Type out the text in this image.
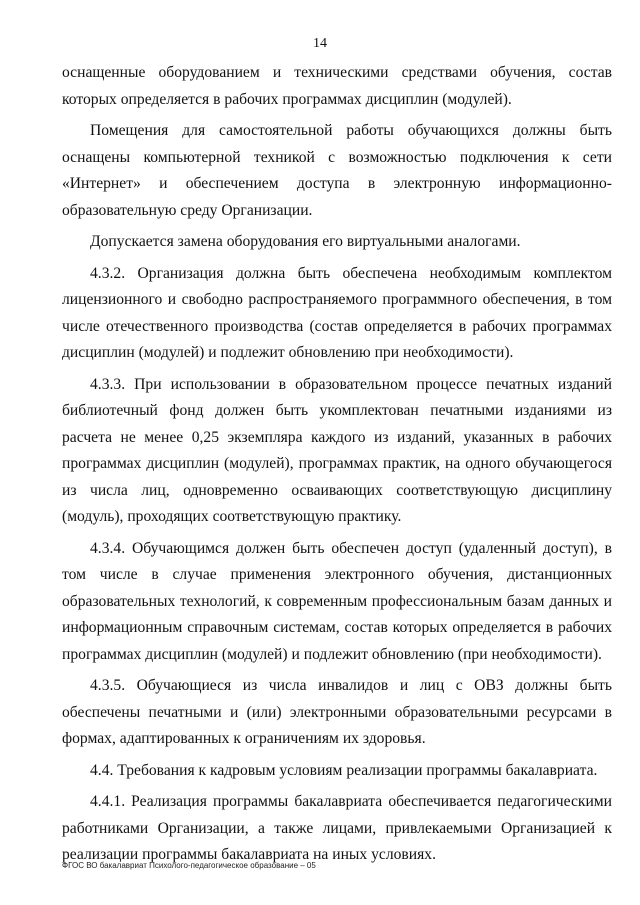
14

оснащенные оборудованием и техническими средствами обучения, состав которых определяется в рабочих программах дисциплин (модулей).

Помещения для самостоятельной работы обучающихся должны быть оснащены компьютерной техникой с возможностью подключения к сети «Интернет» и обеспечением доступа в электронную информационно-образовательную среду Организации.

Допускается замена оборудования его виртуальными аналогами.

4.3.2. Организация должна быть обеспечена необходимым комплектом лицензионного и свободно распространяемого программного обеспечения, в том числе отечественного производства (состав определяется в рабочих программах дисциплин (модулей) и подлежит обновлению при необходимости).

4.3.3. При использовании в образовательном процессе печатных изданий библиотечный фонд должен быть укомплектован печатными изданиями из расчета не менее 0,25 экземпляра каждого из изданий, указанных в рабочих программах дисциплин (модулей), программах практик, на одного обучающегося из числа лиц, одновременно осваивающих соответствующую дисциплину (модуль), проходящих соответствующую практику.

4.3.4. Обучающимся должен быть обеспечен доступ (удаленный доступ), в том числе в случае применения электронного обучения, дистанционных образовательных технологий, к современным профессиональным базам данных и информационным справочным системам, состав которых определяется в рабочих программах дисциплин (модулей) и подлежит обновлению (при необходимости).

4.3.5. Обучающиеся из числа инвалидов и лиц с ОВЗ должны быть обеспечены печатными и (или) электронными образовательными ресурсами в формах, адаптированных к ограничениям их здоровья.

4.4. Требования к кадровым условиям реализации программы бакалавриата.

4.4.1. Реализация программы бакалавриата обеспечивается педагогическими работниками Организации, а также лицами, привлекаемыми Организацией к реализации программы бакалавриата на иных условиях.

ФГОС ВО бакалавриат Психолого-педагогическое образование – 05
